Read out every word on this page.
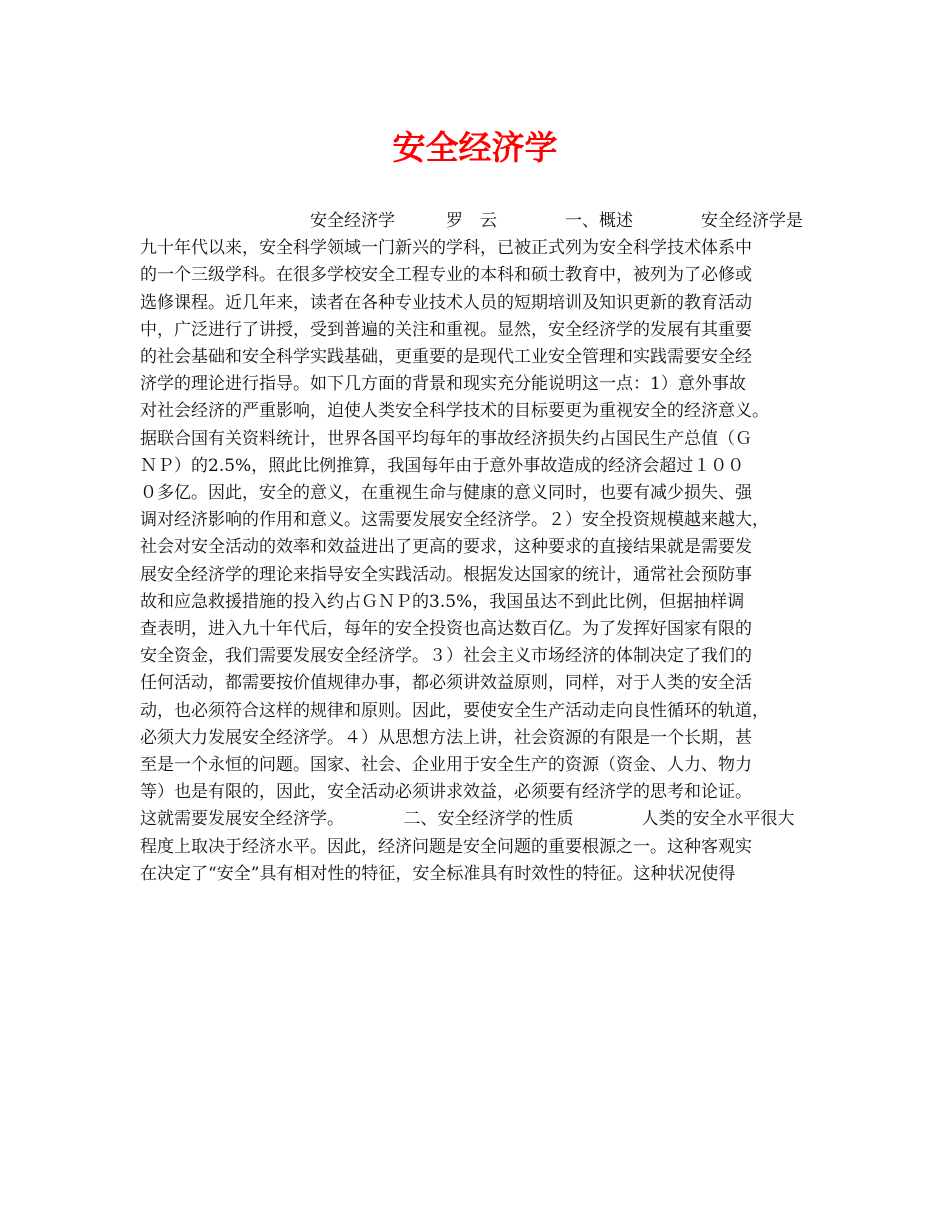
安全经济学
　　　　　　　　　　安全经济学　　　罗　云　　　　一、概述　　　　安全经济学是
九十年代以来，安全科学领域一门新兴的学科，已被正式列为安全科学技术体系中
的一个三级学科。在很多学校安全工程专业的本科和硕士教育中，被列为了必修或
选修课程。近几年来，读者在各种专业技术人员的短期培训及知识更新的教育活动
中，广泛进行了讲授，受到普遍的关注和重视。显然，安全经济学的发展有其重要
的社会基础和安全科学实践基础，更重要的是现代工业安全管理和实践需要安全经
济学的理论进行指导。如下几方面的背景和现实充分能说明这一点：1）意外事故
对社会经济的严重影响，迫使人类安全科学技术的目标要更为重视安全的经济意义。
据联合国有关资料统计，世界各国平均每年的事故经济损失约占国民生产总值（Ｇ
ＮＰ）的2.5%，照此比例推算，我国每年由于意外事故造成的经济会超过１００
０多亿。因此，安全的意义，在重视生命与健康的意义同时，也要有减少损失、强
调对经济影响的作用和意义。这需要发展安全经济学。２）安全投资规模越来越大，
社会对安全活动的效率和效益进出了更高的要求，这种要求的直接结果就是需要发
展安全经济学的理论来指导安全实践活动。根据发达国家的统计，通常社会预防事
故和应急救援措施的投入约占ＧＮＰ的3.5%，我国虽达不到此比例，但据抽样调
查表明，进入九十年代后，每年的安全投资也高达数百亿。为了发挥好国家有限的
安全资金，我们需要发展安全经济学。３）社会主义市场经济的体制决定了我们的
任何活动，都需要按价值规律办事，都必须讲效益原则，同样，对于人类的安全活
动，也必须符合这样的规律和原则。因此，要使安全生产活动走向良性循环的轨道，
必须大力发展安全经济学。４）从思想方法上讲，社会资源的有限是一个长期，甚
至是一个永恒的问题。国家、社会、企业用于安全生产的资源（资金、人力、物力
等）也是有限的，因此，安全活动必须讲求效益，必须要有经济学的思考和论证。
这就需要发展安全经济学。　　　　二、安全经济学的性质　　　　人类的安全水平很大
程度上取决于经济水平。因此，经济问题是安全问题的重要根源之一。这种客观实
在决定了“安全”具有相对性的特征，安全标准具有时效性的特征。这种状况使得
